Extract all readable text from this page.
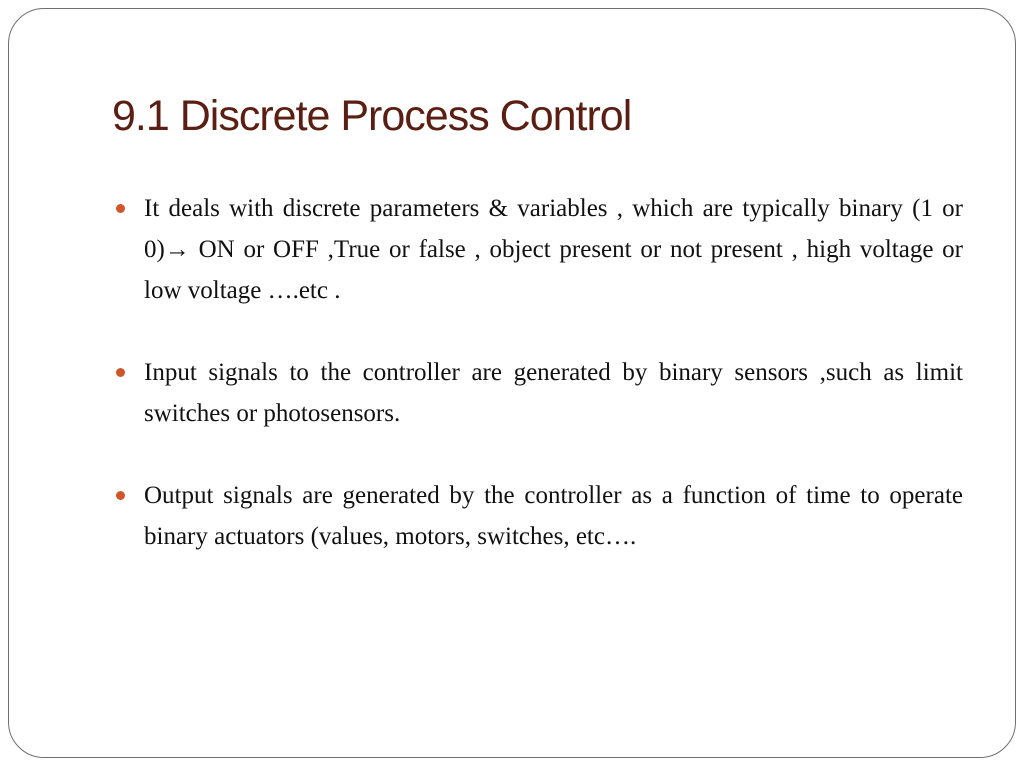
9.1 Discrete Process Control
It deals with discrete parameters & variables , which are typically binary (1 or 0)→ ON or OFF ,True or false , object present or not present , high voltage or low voltage ….etc .
Input signals to the controller are generated by binary sensors ,such as limit switches or photosensors.
Output signals are generated by the controller as a function of time to operate binary actuators (values, motors, switches, etc….
